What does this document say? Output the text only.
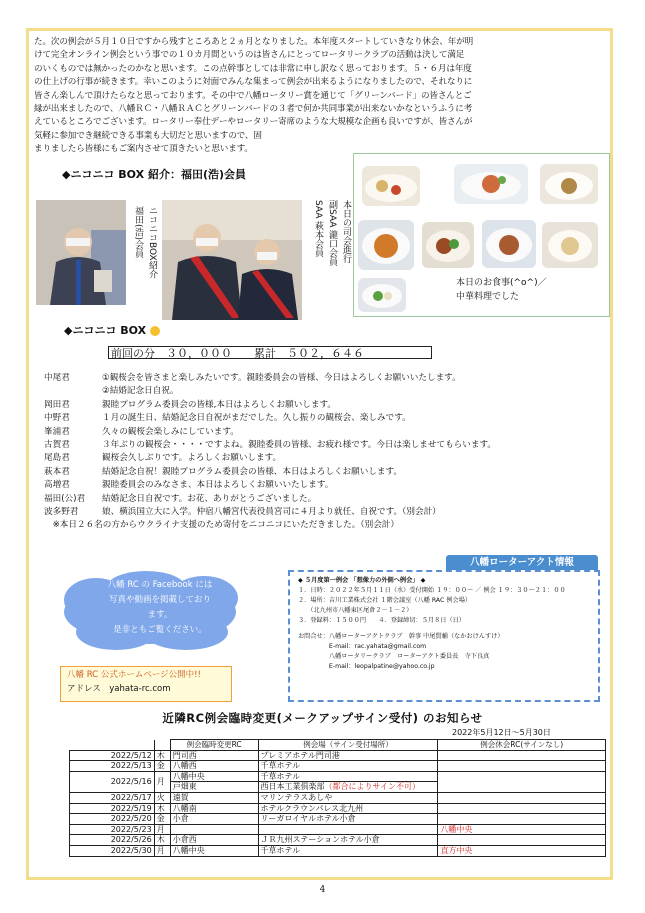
た。次の例会が５月１０日ですから残すところあと２ヵ月となりました。本年度スタートしていきなり休会、年が明
けて完全オンライン例会という事での１０カ月間というのは皆さんにとってロータリークラブの活動は決して満足
のいくものでは無かったのかなと思います。この点幹事としては非常に申し訳なく思っております。５・６月は年度
の仕上げの行事が続きます。幸いこのように対面でみんな集まって例会が出来るようになりましたので、それなりに
皆さん楽しんで頂けたらなと思っております。その中で八幡ロータリー賞を通じて「グリーンバード」の皆さんとご
縁が出来ましたので、八幡ＲＣ・八幡ＲＡＣとグリーンバードの３者で何か共同事業が出来ないかなというふうに考
えているところでございます。ロータリー奉仕デーやロータリー寄席のような大規模な企画も良いですが、皆さんが
気軽に参加でき継続できる事業も大切だと思いますので、固
まりましたら皆様にもご案内させて頂きたいと思います。
◆ニコニコ BOX 紹介：福田(浩)会員
福田(浩)会員 ニコニコBOX紹介	SAA 萩本会員 副SAA 瀧口会員 本日の司会進行
本日のお食事(^o^)／
中華料理でした
◆ニコニコ BOX
前回の分　３０，０００　　累計　５０２，６４６
中尾君	①観桜会を皆さまと楽しみたいです。親睦委員会の皆様、今日はよろしくお願いいたします。
②結婚記念日自祝。
岡田君	親睦プログラム委員会の皆様,本日はよろしくお願いします。
中野君	１月の誕生日、結婚記念日自祝がまだでした。久し振りの観桜会、楽しみです。
峯浦君	久々の観桜会楽しみにしています。
古賀君	３年ぶりの観桜会・・・・ですよね。親睦委員の皆様、お疲れ様です。今日は楽しませてもらいます。
尾島君	観桜会久しぶりです。よろしくお願いします。
萩本君	結婚記念自祝！親睦プログラム委員会の皆様、本日はよろしくお願いします。
高増君	親睦委員会のみなさま、本日はよろしくお願いいたします。
福田(公)君	結婚記念日自祝です。お花、ありがとうございました。
波多野君	娘、横浜国立大に入学。仲宿八幡宮代表役員宮司に４月より就任、自祝です。（別会計）
　※本日２６名の方からウクライナ支援のため寄付をニコニコにいただきました。（別会計）
八幡 RC の Facebook には
写真や動画を掲載しており
ます。
是非ともご覧ください。
八幡 RC 公式ホームページ公開中!!
アドレス　yahata-rc.com
八幡ローターアクト情報
◆ ５月度第一例会 「想像力の外側へ例会」 ◆
１．日時：２０２２年５月１１日（水）受付開始 １９：００～ ／ 例会 １９：３０～２１：００
２．場所：吉川工業株式会社 １階会議室（八幡 RAC 例会場）
　　（北九州市八幡東区尾倉２－１－２）
３．登録料：１５００円　　４．登録締切：５月８日（日）
お問合せ：八幡ローターアクトクラブ　幹事 中尾賢輔（なかおけんすけ）
　　　　　E-mail：rac.yahata@gmail.com
　　　　　八幡ロータリークラブ　ローターアクト委員長　寺下良真
　　　　　E-mail：leopalpatine@yahoo.co.jp
近隣RC例会臨時変更(メークアップサイン受付) のお知らせ
2022年5月12日～5月30日
		例会臨時変更RC	例会場（サイン受付場所）	例会休会RC(サインなし)
2022/5/12	木	門司西	プレミアホテル門司港	
2022/5/13	金	八幡西	千草ホテル	
2022/5/16	月	八幡中央	千草ホテル	
		戸畑東	西日本工業倶楽部（都合によりサイン不可）	
2022/5/17	火	遠賀	マリンテラスあしや	
2022/5/19	木	八幡南	ホテルクラウンパレス北九州	
2022/5/20	金	小倉	リーガロイヤルホテル小倉	
2022/5/23	月			八幡中央
2022/5/26	木	小倉西	ＪＲ九州ステーションホテル小倉	
2022/5/30	月	八幡中央	千草ホテル	直方中央
4
